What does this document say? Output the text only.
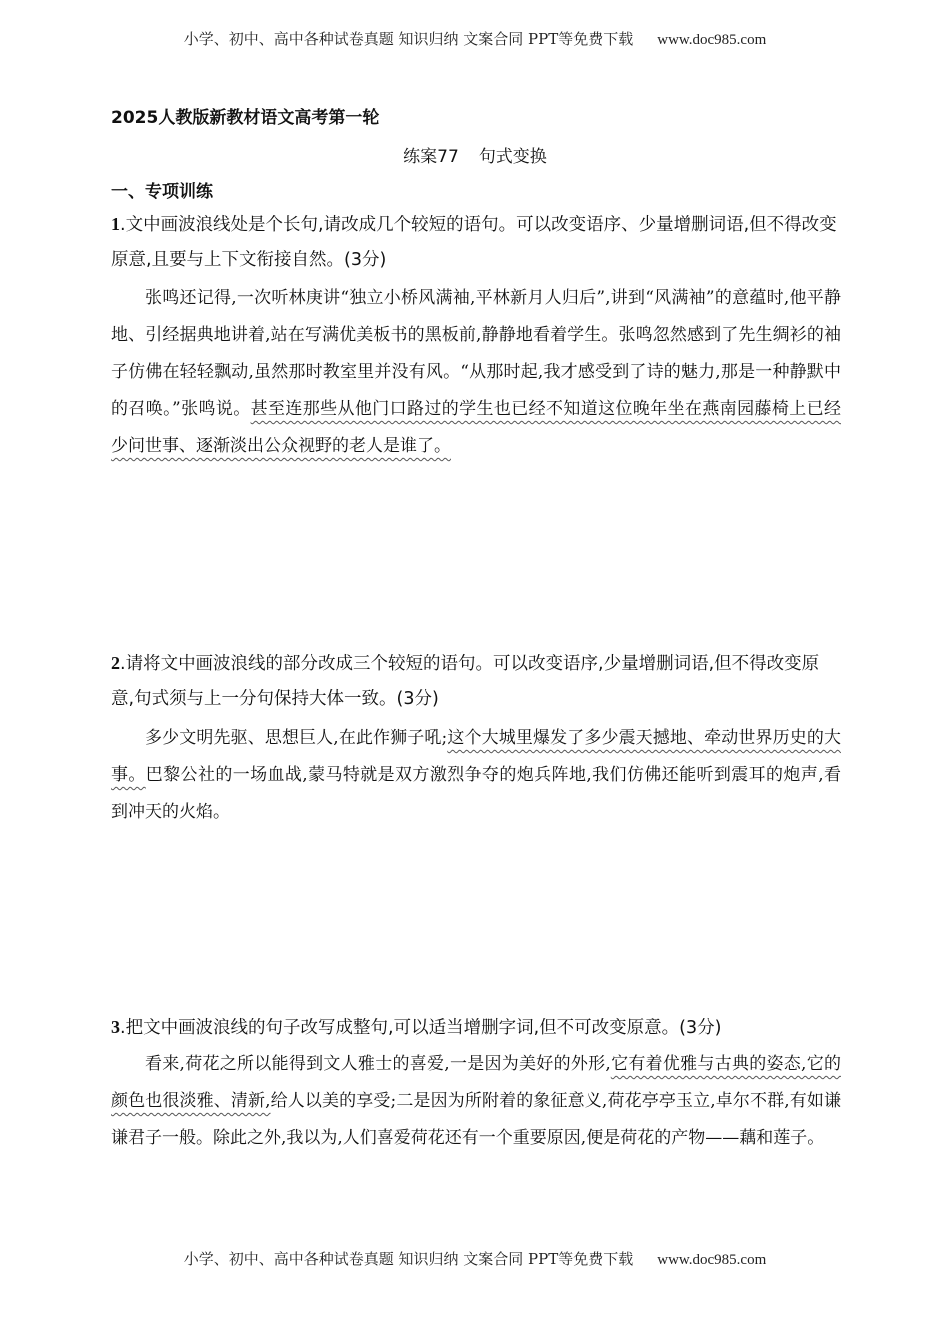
小学、初中、高中各种试卷真题 知识归纳 文案合同 PPT等免费下载 www.doc985.com
2025人教版新教材语文高考第一轮
练案77 句式变换
一、专项训练
1.文中画波浪线处是个长句,请改成几个较短的语句。可以改变语序、少量增删词语,但不得改变原意,且要与上下文衔接自然。(3分)
张鸣还记得,一次听林庚讲“独立小桥风满袖,平林新月人归后”,讲到“风满袖”的意蕴时,他平静地、引经据典地讲着,站在写满优美板书的黑板前,静静地看着学生。张鸣忽然感到了先生绸衫的袖子仿佛在轻轻飘动,虽然那时教室里并没有风。“从那时起,我才感受到了诗的魅力,那是一种静默中的召唤。”张鸣说。甚至连那些从他门口路过的学生也已经不知道这位晚年坐在燕南园藤椅上已经少问世事、逐渐淡出公众视野的老人是谁了。
2.请将文中画波浪线的部分改成三个较短的语句。可以改变语序,少量增删词语,但不得改变原意,句式须与上一分句保持大体一致。(3分)
多少文明先驱、思想巨人,在此作狮子吼;这个大城里爆发了多少震天撼地、牵动世界历史的大事。巴黎公社的一场血战,蒙马特就是双方激烈争夺的炮兵阵地,我们仿佛还能听到震耳的炮声,看到冲天的火焰。
3.把文中画波浪线的句子改写成整句,可以适当增删字词,但不可改变原意。(3分)
看来,荷花之所以能得到文人雅士的喜爱,一是因为美好的外形,它有着优雅与古典的姿态,它的颜色也很淡雅、清新,给人以美的享受;二是因为所附着的象征意义,荷花亭亭玉立,卓尔不群,有如谦谦君子一般。除此之外,我以为,人们喜爱荷花还有一个重要原因,便是荷花的产物——藕和莲子。
小学、初中、高中各种试卷真题 知识归纳 文案合同 PPT等免费下载 www.doc985.com
